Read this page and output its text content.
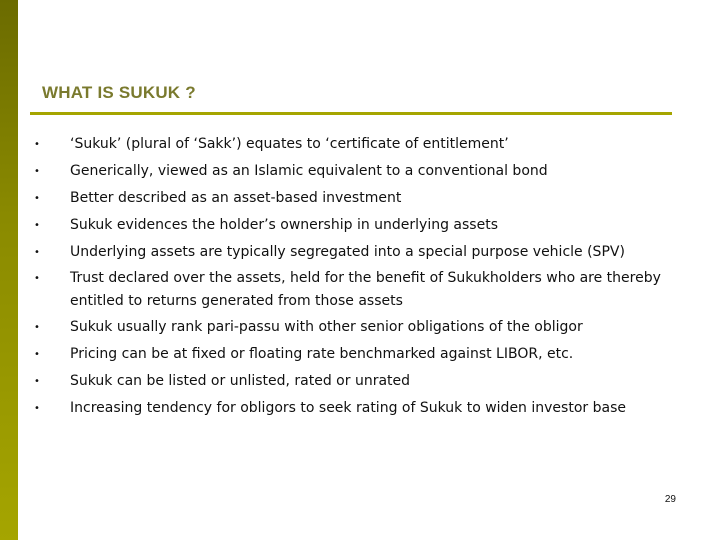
WHAT IS SUKUK ?
• ‘Sukuk’ (plural of ‘Sakk’) equates to ‘certificate of entitlement’
• Generically, viewed as an Islamic equivalent to a conventional bond
• Better described as an asset-based investment
• Sukuk evidences the holder’s ownership in underlying assets
• Underlying assets are typically segregated into a special purpose vehicle (SPV)
• Trust declared over the assets, held for the benefit of Sukukholders who are thereby entitled to returns generated from those assets
• Sukuk usually rank pari-passu with other senior obligations of the obligor
• Pricing can be at fixed or floating rate benchmarked against LIBOR, etc.
• Sukuk can be listed or unlisted, rated or unrated
• Increasing tendency for obligors to seek rating of Sukuk to widen investor base
29
